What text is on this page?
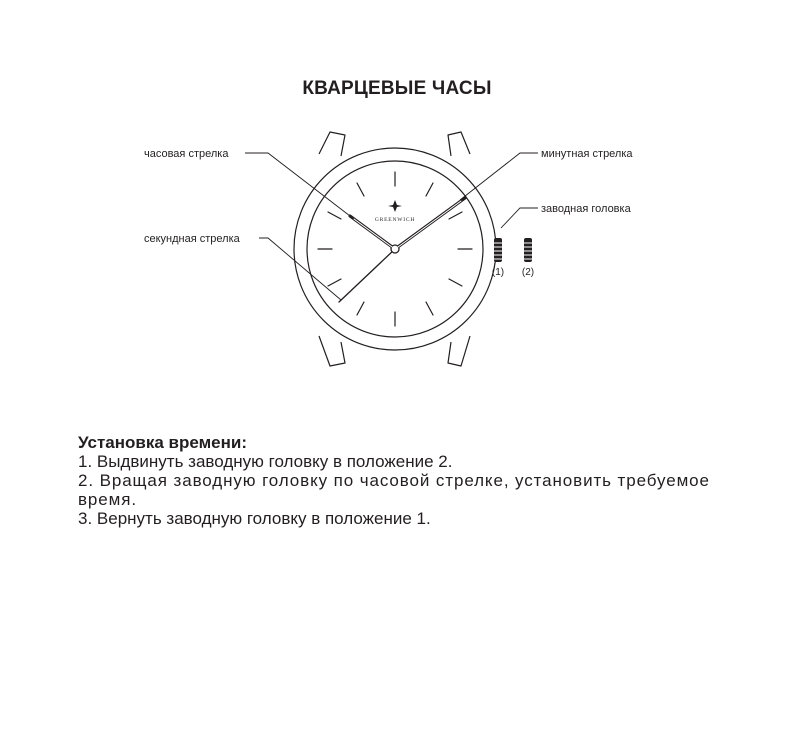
КВАРЦЕВЫЕ ЧАСЫ
GREENWICH
(1) (2)
часовая стрелка	минутная стрелка
заводная головка
секундная стрелка
Установка времени:
1. Выдвинуть заводную головку в положение 2.
2. Вращая заводную головку по часовой стрелке, установить требуемое время.
3. Вернуть заводную головку в положение 1.
